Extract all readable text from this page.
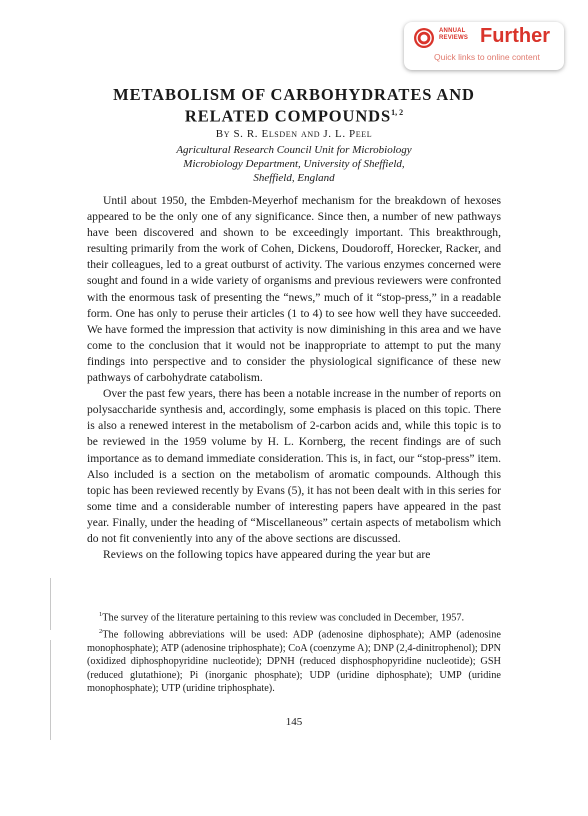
ANNUAL
REVIEWS Further
Quick links to online content
METABOLISM OF CARBOHYDRATES AND
RELATED COMPOUNDS$^{1, 2}$
By S. R. Elsden and J. L. Peel
Agricultural Research Council Unit for Microbiology
Microbiology Department, University of Sheffield,
Sheffield, England

Until about 1950, the Embden-Meyerhof mechanism for the breakdown of hexoses appeared to be the only one of any significance. Since then, a number of new pathways have been discovered and shown to be exceedingly important. This breakthrough, resulting primarily from the work of Cohen, Dickens, Doudoroff, Horecker, Racker, and their colleagues, led to a great outburst of activity. The various enzymes concerned were sought and found in a wide variety of organisms and previous reviewers were confronted with the enormous task of presenting the “news,” much of it “stop-press,” in a readable form. One has only to peruse their articles (1 to 4) to see how well they have succeeded. We have formed the impression that activity is now diminishing in this area and we have come to the conclusion that it would not be inappropriate to attempt to put the many findings into perspective and to consider the physiological significance of these new pathways of carbohydrate catabolism.

Over the past few years, there has been a notable increase in the number of reports on polysaccharide synthesis and, accordingly, some emphasis is placed on this topic. There is also a renewed interest in the metabolism of 2-carbon acids and, while this topic is to be reviewed in the 1959 volume by H. L. Kornberg, the recent findings are of such importance as to demand immediate consideration. This is, in fact, our “stop-press” item. Also included is a section on the metabolism of aromatic compounds. Although this topic has been reviewed recently by Evans (5), it has not been dealt with in this series for some time and a considerable number of interesting papers have appeared in the past year. Finally, under the heading of “Miscellaneous” certain aspects of metabolism which do not fit conveniently into any of the above sections are discussed.

Reviews on the following topics have appeared during the year but are

$^1$The survey of the literature pertaining to this review was concluded in December, 1957.

$^2$The following abbreviations will be used: ADP (adenosine diphosphate); AMP (adenosine monophosphate); ATP (adenosine triphosphate); CoA (coenzyme A); DNP (2,4-dinitrophenol); DPN (oxidized diphosphopyridine nucleotide); DPNH (reduced disphosphopyridine nucleotide); GSH (reduced glutathione); Pi (inorganic phosphate); UDP (uridine diphosphate); UMP (uridine monophosphate); UTP (uridine triphosphate).

145
